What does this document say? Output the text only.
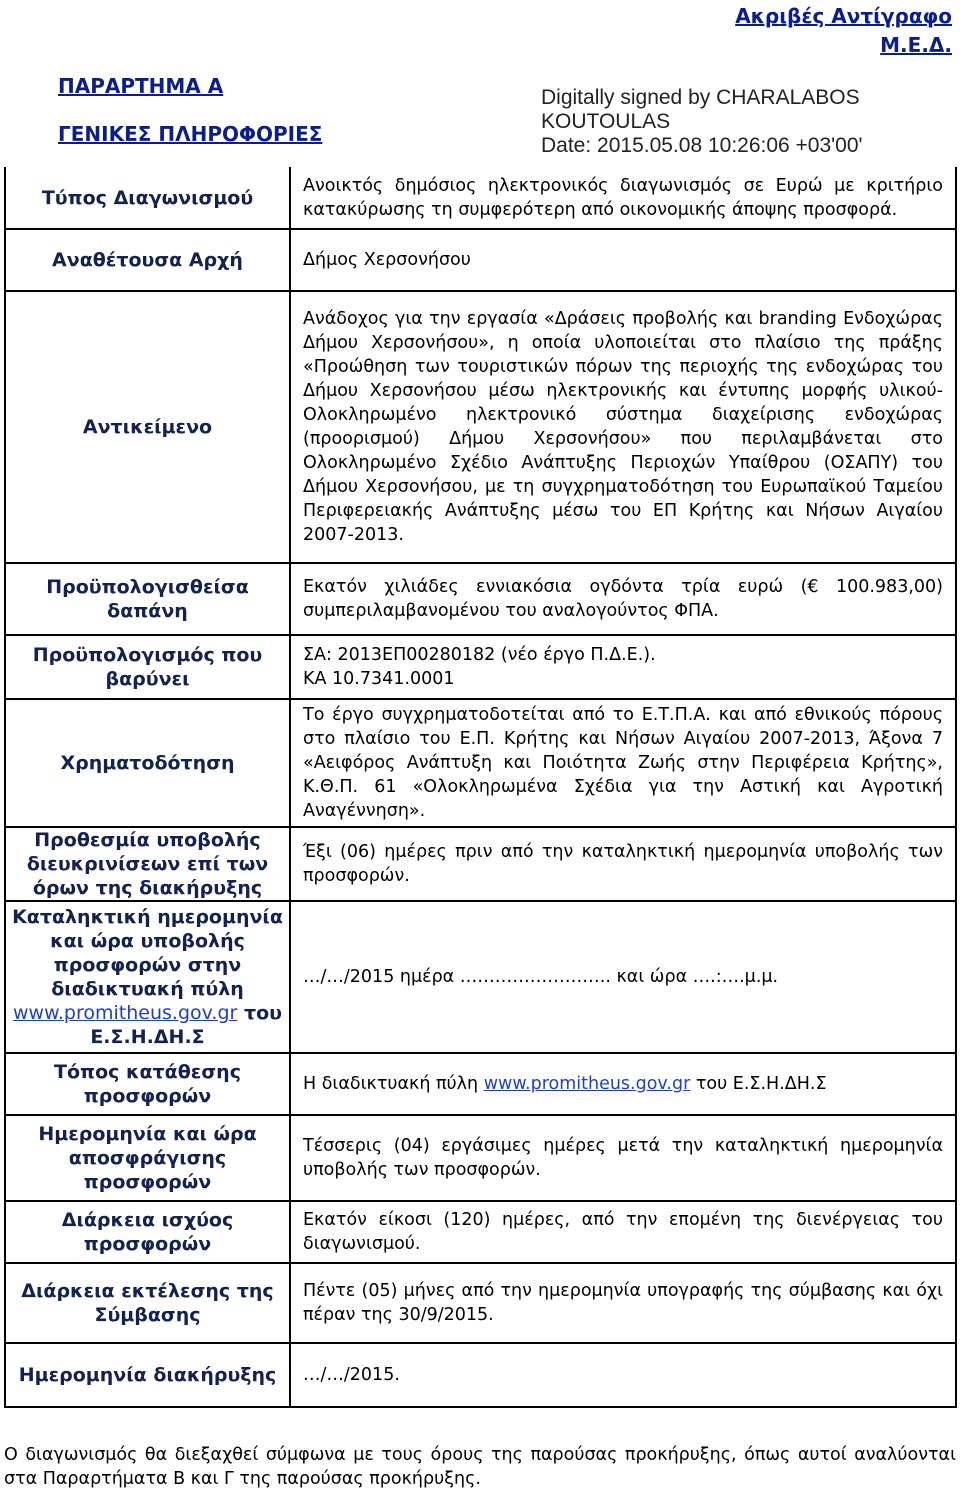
Ακριβές Αντίγραφο
Μ.Ε.Δ.
ΠΑΡΑΡΤΗΜΑ Α
ΓΕΝΙΚΕΣ ΠΛΗΡΟΦΟΡΙΕΣ
Digitally signed by CHARALABOS KOUTOULAS
Date: 2015.05.08 10:26:06 +03'00'
Τύπος Διαγωνισμού	Ανοικτός δημόσιος ηλεκτρονικός διαγωνισμός σε Ευρώ με κριτήριο κατακύρωσης τη συμφερότερη από οικονομικής άποψης προσφορά.
Αναθέτουσα Αρχή	Δήμος Χερσονήσου
Αντικείμενο	Ανάδοχος για την εργασία «Δράσεις προβολής και branding Ενδοχώρας Δήμου Χερσονήσου», η οποία υλοποιείται στο πλαίσιο της πράξης «Προώθηση των τουριστικών πόρων της περιοχής της ενδοχώρας του Δήμου Χερσονήσου μέσω ηλεκτρονικής και έντυπης μορφής υλικού- Ολοκληρωμένο ηλεκτρονικό σύστημα διαχείρισης ενδοχώρας (προορισμού) Δήμου Χερσονήσου» που περιλαμβάνεται στο Ολοκληρωμένο Σχέδιο Ανάπτυξης Περιοχών Υπαίθρου (ΟΣΑΠΥ) του Δήμου Χερσονήσου, με τη συγχρηματοδότηση του Ευρωπαϊκού Ταμείου Περιφερειακής Ανάπτυξης μέσω του ΕΠ Κρήτης και Νήσων Αιγαίου 2007-2013.
Προϋπολογισθείσα δαπάνη	Εκατόν χιλιάδες εννιακόσια ογδόντα τρία ευρώ (€ 100.983,00) συμπεριλαμβανομένου του αναλογούντος ΦΠΑ.
Προϋπολογισμός που βαρύνει	ΣΑ: 2013ΕΠ00280182 (νέο έργο Π.Δ.Ε.).
ΚΑ 10.7341.0001

Χρηματοδότηση	Το έργο συγχρηματοδοτείται από το Ε.Τ.Π.Α. και από εθνικούς πόρους στο πλαίσιο του Ε.Π. Κρήτης και Νήσων Αιγαίου 2007-2013, Άξονα 7 «Αειφόρος Ανάπτυξη και Ποιότητα Ζωής στην Περιφέρεια Κρήτης», Κ.Θ.Π. 61 «Ολοκληρωμένα Σχέδια για την Αστική και Αγροτική Αναγέννηση».
Προθεσμία υποβολής διευκρινίσεων επί των όρων της διακήρυξης	Έξι (06) ημέρες πριν από την καταληκτική ημερομηνία υποβολής των προσφορών.
Καταληκτική ημερομηνία και ώρα υποβολής προσφορών στην διαδικτυακή πύλη www.promitheus.gov.gr του Ε.Σ.Η.ΔΗ.Σ	…/…/2015 ημέρα …………………….. και ώρα ….:….μ.μ.
Τόπος κατάθεσης προσφορών	Η διαδικτυακή πύλη www.promitheus.gov.gr του Ε.Σ.Η.ΔΗ.Σ
Ημερομηνία και ώρα αποσφράγισης προσφορών	Τέσσερις (04) εργάσιμες ημέρες μετά την καταληκτική ημερομηνία υποβολής των προσφορών.
Διάρκεια ισχύος προσφορών	Εκατόν είκοσι (120) ημέρες, από την επομένη της διενέργειας του διαγωνισμού.
Διάρκεια εκτέλεσης της Σύμβασης	Πέντε (05) μήνες από την ημερομηνία υπογραφής της σύμβασης και όχι πέραν της 30/9/2015.
Ημερομηνία διακήρυξης	…/…/2015.
Ο διαγωνισμός θα διεξαχθεί σύμφωνα με τους όρους της παρούσας προκήρυξης, όπως αυτοί αναλύονται στα Παραρτήματα Β και Γ της παρούσας προκήρυξης.
